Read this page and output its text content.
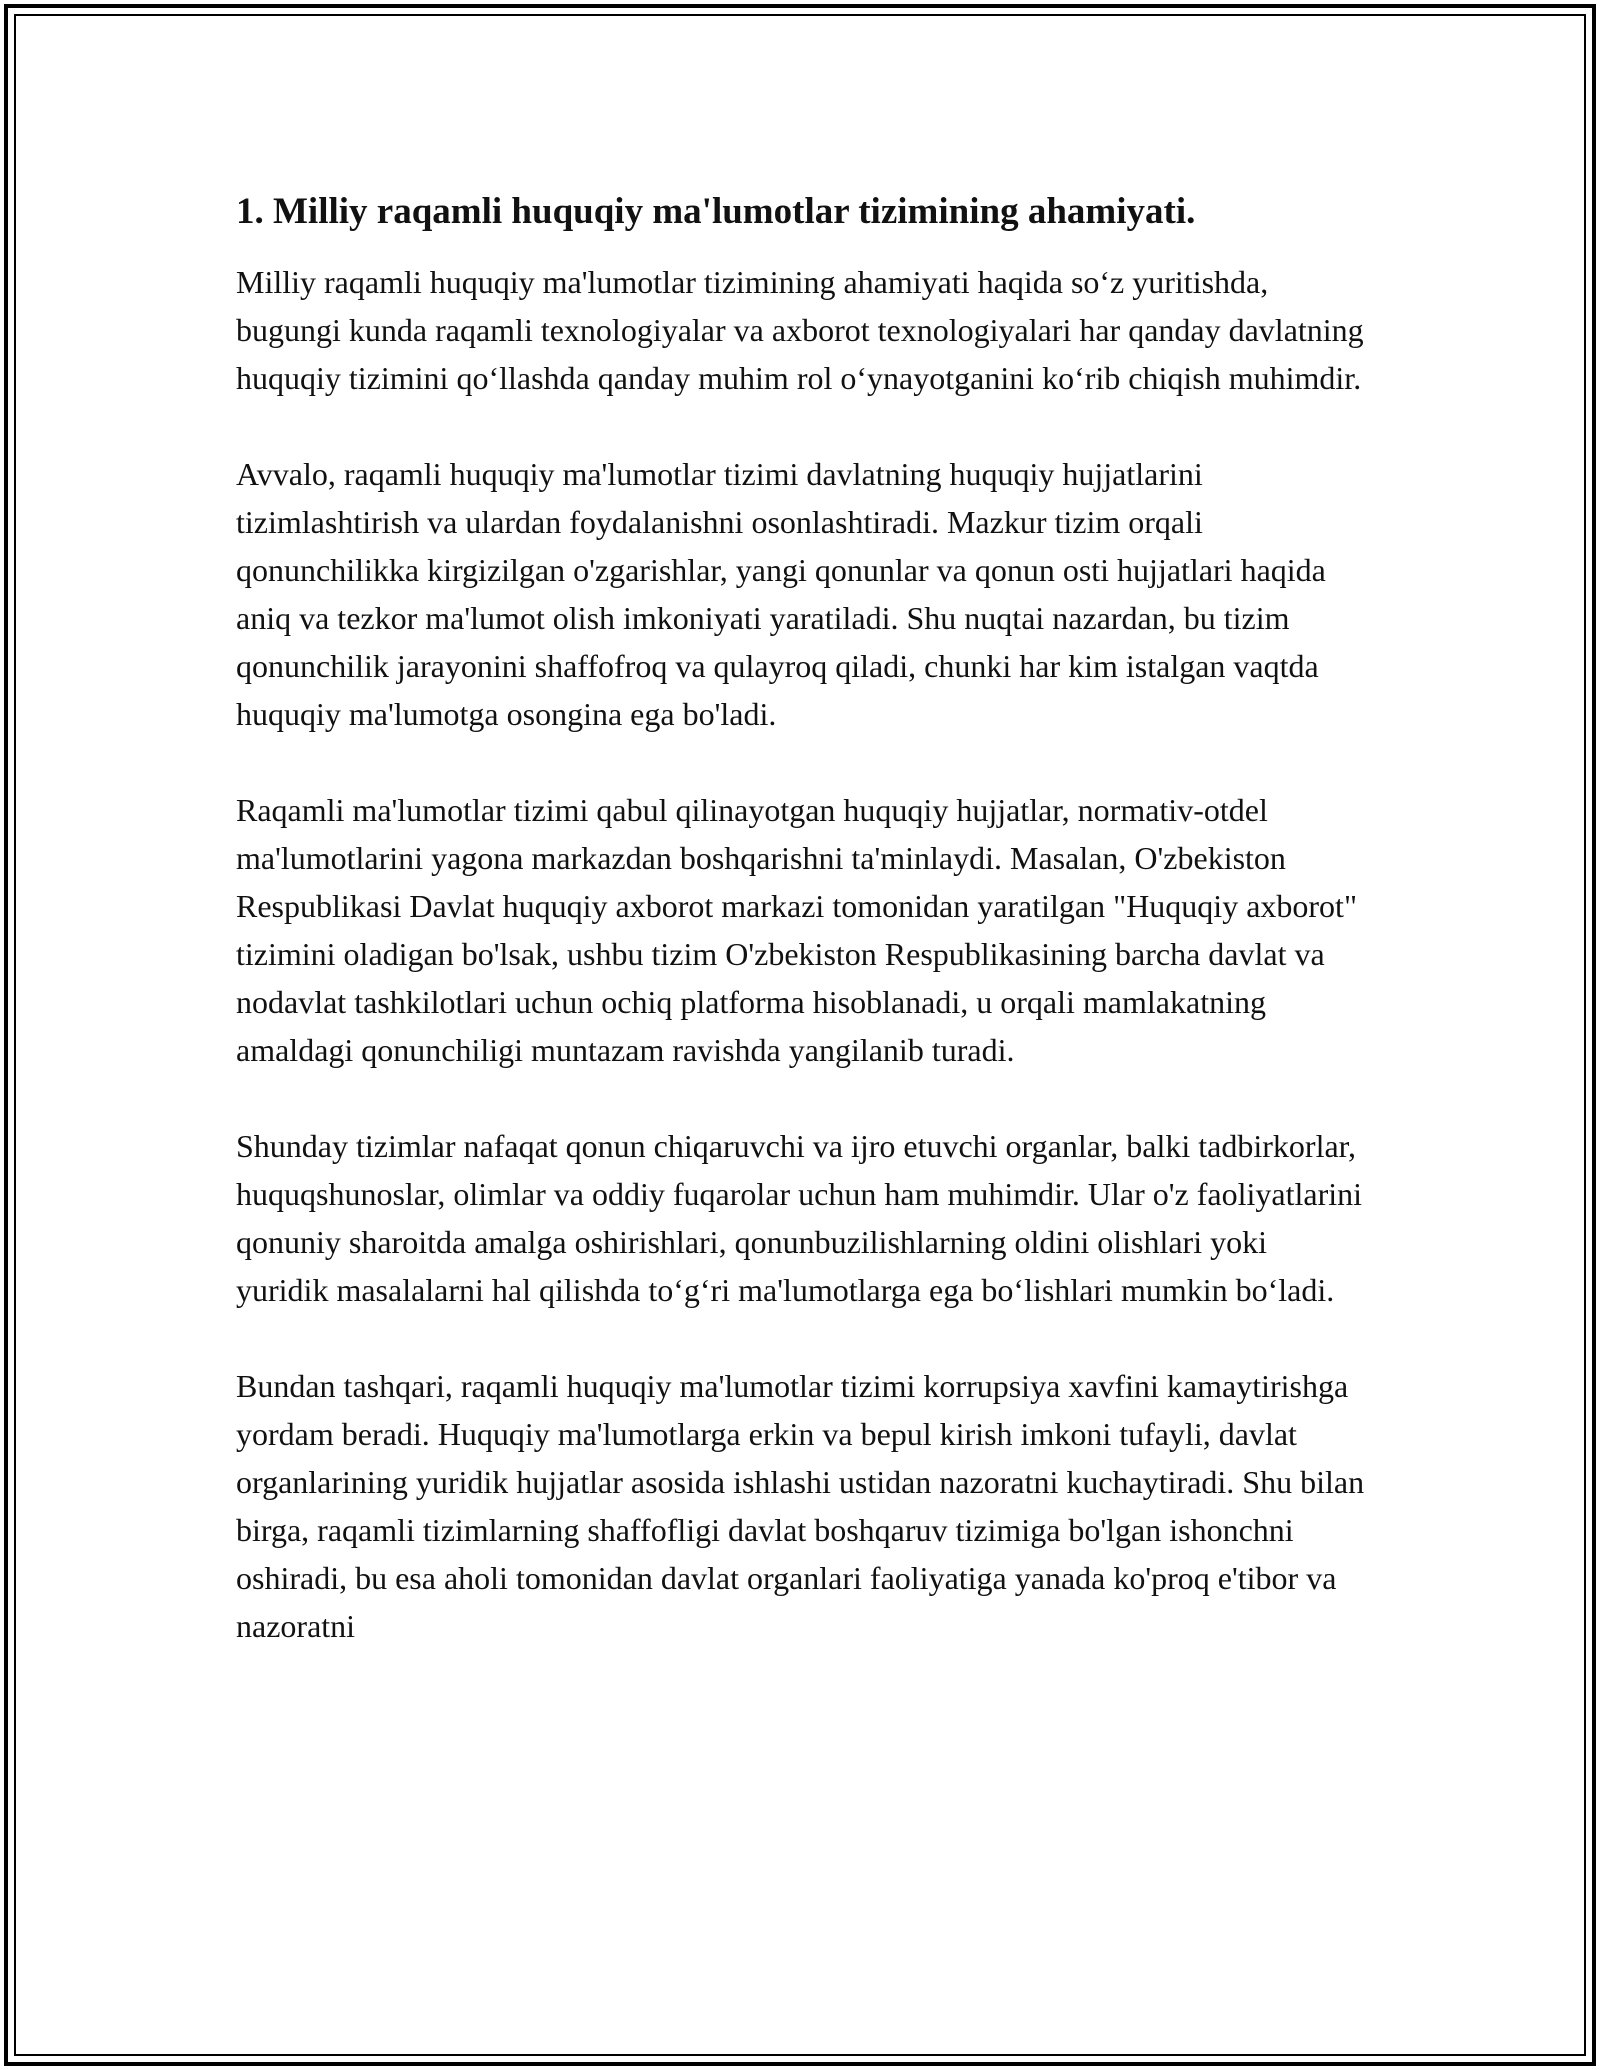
1. Milliy raqamli huquqiy ma'lumotlar tizimining ahamiyati.

Milliy raqamli huquqiy ma'lumotlar tizimining ahamiyati haqida so‘z yuritishda, bugungi kunda raqamli texnologiyalar va axborot texnologiyalari har qanday davlatning huquqiy tizimini qo‘llashda qanday muhim rol o‘ynayotganini ko‘rib chiqish muhimdir.

Avvalo, raqamli huquqiy ma'lumotlar tizimi davlatning huquqiy hujjatlarini tizimlashtirish va ulardan foydalanishni osonlashtiradi. Mazkur tizim orqali qonunchilikka kirgizilgan o'zgarishlar, yangi qonunlar va qonun osti hujjatlari haqida aniq va tezkor ma'lumot olish imkoniyati yaratiladi. Shu nuqtai nazardan, bu tizim qonunchilik jarayonini shaffofroq va qulayroq qiladi, chunki har kim istalgan vaqtda huquqiy ma'lumotga osongina ega bo'ladi.

Raqamli ma'lumotlar tizimi qabul qilinayotgan huquqiy hujjatlar, normativ-otdel ma'lumotlarini yagona markazdan boshqarishni ta'minlaydi. Masalan, O'zbekiston Respublikasi Davlat huquqiy axborot markazi tomonidan yaratilgan "Huquqiy axborot" tizimini oladigan bo'lsak, ushbu tizim O'zbekiston Respublikasining barcha davlat va nodavlat tashkilotlari uchun ochiq platforma hisoblanadi, u orqali mamlakatning amaldagi qonunchiligi muntazam ravishda yangilanib turadi.

Shunday tizimlar nafaqat qonun chiqaruvchi va ijro etuvchi organlar, balki tadbirkorlar, huquqshunoslar, olimlar va oddiy fuqarolar uchun ham muhimdir. Ular o'z faoliyatlarini qonuniy sharoitda amalga oshirishlari, qonunbuzilishlarning oldini olishlari yoki yuridik masalalarni hal qilishda to‘g‘ri ma'lumotlarga ega bo‘lishlari mumkin bo‘ladi.

Bundan tashqari, raqamli huquqiy ma'lumotlar tizimi korrupsiya xavfini kamaytirishga yordam beradi. Huquqiy ma'lumotlarga erkin va bepul kirish imkoni tufayli, davlat organlarining yuridik hujjatlar asosida ishlashi ustidan nazoratni kuchaytiradi. Shu bilan birga, raqamli tizimlarning shaffofligi davlat boshqaruv tizimiga bo'lgan ishonchni oshiradi, bu esa aholi tomonidan davlat organlari faoliyatiga yanada ko'proq e'tibor va nazoratni
